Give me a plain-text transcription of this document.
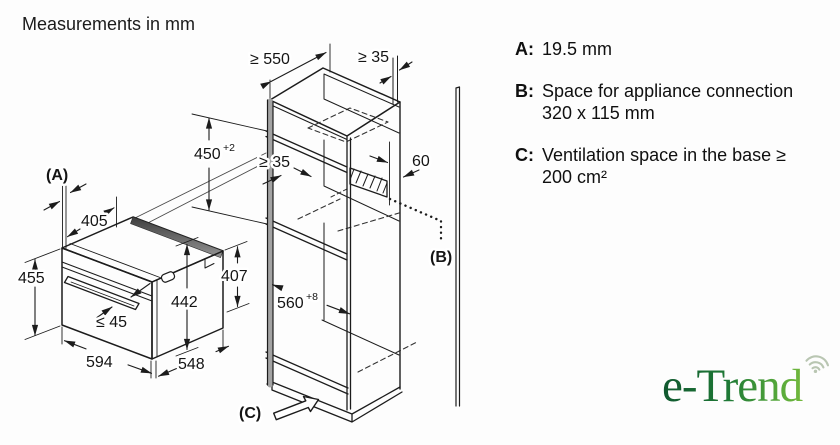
Measurements in mm
(A)
405
455
≤ 45
594	548
442
407
≥ 550	≥ 35
450 +2
≥ 35	60
560 +8
(B)
(C)
A: 19.5 mm
B: Space for appliance connection
320 x 115 mm
C: Ventilation space in the base ≥
200 cm²
e-Trend
